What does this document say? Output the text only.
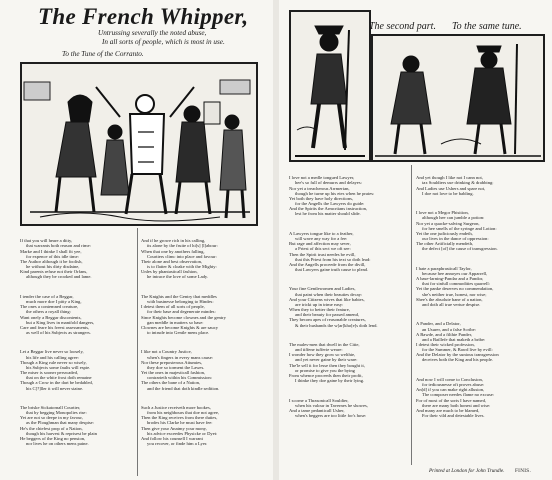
The French Whipper,
Untrussing severally the noted abuse,
In all sorts of people, which is most in use.
To the Tune of the Corranto.

If that you will heare a ditty,
that warrants both reason and rime:
Marke and I thinke I shall fit yee,
for expence of this idle time:
The Author although it be foolish,
he without his dirty disdaine,
Kind parents refuse not their Orfans,
although they be crooked and lame.

I tender the case of a Beggar,
much more doe I pitty a King,
The ones a contemned creature,
the others a royall thing:
Want onely a Beggar discontents,
but a King lives in manifold dangers,
Care and feare his freest assessments,
as well of his Subjects as strangers.

Let a Beggar live never so loosely,
his life and his calling agree:
Though a King rule never so wisely,
his Subjects some faults will espie.
The miser is sooner perswaded,
that on the white frost doth remaine
Though a Crow in the dart be bedabled,
his C[?]ller it will never staine.

The briske Sickatornall Courtier,
that by begging Monopolies rise:
Yet are not so deepe in my favour,
as the Ploughman that many despise:
He's the chiefest prop of a Nation,
though his harvest & reprisest be plain
He beggers of the King no pension,
nor lives he on others mens paine.

And if he growe rich in his calling,
its alone by the fruite of hi[s] [l]abour:
When that one by anothers falling,
Courtiers climc into place and favour:
Their alone and best observation,
is to flatter & cloake with the Mighty:
Unles by phantasticall fashion,
he intrace the love of some Lady.

The Knights and the Gentry that meddles
with businesse belonging to Hindes:
I detest them of all sorts of people,
for their base and degenerate mindes:
Since Knights become clownes and the gentry
gan meddle in matters so base:
Clownes are become Knights & are saucy
to intrude into Gentle mens place.

I like not a Country Justice,
when's fingers in every mans cause:
Nor these preposterous Attumies,
they doe so torment the Lawes.
Yet the ones in majesticall fashion,
contrarieth within his Commission:
The others the bane of a Nation,
and the friend that doth kindle sedition.

Such a Justice receiveth more bookes,
from his neighbours that doe not agree,
Then the King receives from there duties,
brodes his Clarke he must have fee:
Then give your Anatmy your mony,
his advice exceedes Physicke or Dyet:
And follow his counsell I warrant
you recover, or finde him a Lyer.

The second part. To the same tune.

I love not a medle tongued Lawyer,
hee's so full of demurrs and delayes:
Nor yet a treacherous Arrmerian,
though he turne up his eies when he praies:
Yet both they have holy directions,
for the Angells the Lawyers do guide:
And the Spirits the Armcrtians instruction,
lest he from his matter should slide.

A Lawyers tongue like to a feather,
will wave any way for a fee:
But rage and affection may sever,
a Priest of this sect we oft see:
Then the Spirit trust needes be evill,
that this Priest from his text so doth lead:
And the Angells proceede from the divill,
that Lawyers gaine truth cause to plead.

Your fine Gentlewomen and Ladies,
that paint when their beauties decay:
And your Citizens wives that like babies,
are trickt up in trime easy:
When they to better their feature,
and their beauty for passed amend,
They becom apes of reasonable creatures,
& their husbands the w[ar]kho[e]s doth lend.

The males-men that dwell in the Citie,
and tiffene tufferie weare:
I wonder how they grow so welthie,
and yet never gaine by their ware:
The'le sell it for lesse then they bought it,
or promise to give you the bying
From whence proceeds then their profit,
I thinke they doe gaine by their lying.

I scorne a Thrasonicall Souldier,
when his valour in Tavernes he showes,
And a tame pedanticall Usher,
when's beggers are too little for's hose:

And yet though I like not I cann not,
tax Souldiers use drinking & drabbing:
And Ladies use Ushers and spare not,
I doe not love to be babling.

I love not a Megor Phisition,
although hee can jumble a potion:
Nor yet a quacke-salving Surgeon,
for hee smells of the syringe and Lotion:
Yet the one judiciously endeth,
our lives in the dance of oppression:
The other Artificially mendeth,
the defect [of] the cause of transgression.

I hate a paraphrasticall Taylor,
because hee annoyes our Apparrell,
A base-larning-Pandar and a Pandor,
that for sinfull commodities quarrell:
Yet the panke deserves no commendation,
she's neither true, honest, nor wise;
Shee's the absolute bane of a nation,
and doth all true vertue despise.

A Pander, and a Delator,
an Usurer, and a false Scribe:
A Bawde, and a filthie Pander,
and a Baillefe that maketh a bribe:
I detest their wicked profession,
for the Summer, & Bawd live by evill:
And the Delator by the sunious transgression
deceives both the King and his people.

And now I will come to Conclusion,
for tediousnesse oft proves abuse:
An[d] if you can make right allusion,
The composer needes flame no excuse:
For of most of the sorts I have named,
there are many both honest and wise:
And many are much to be blamed,
For their vild and detestable lives.

Printed at London for John Trundle. FINIS.
